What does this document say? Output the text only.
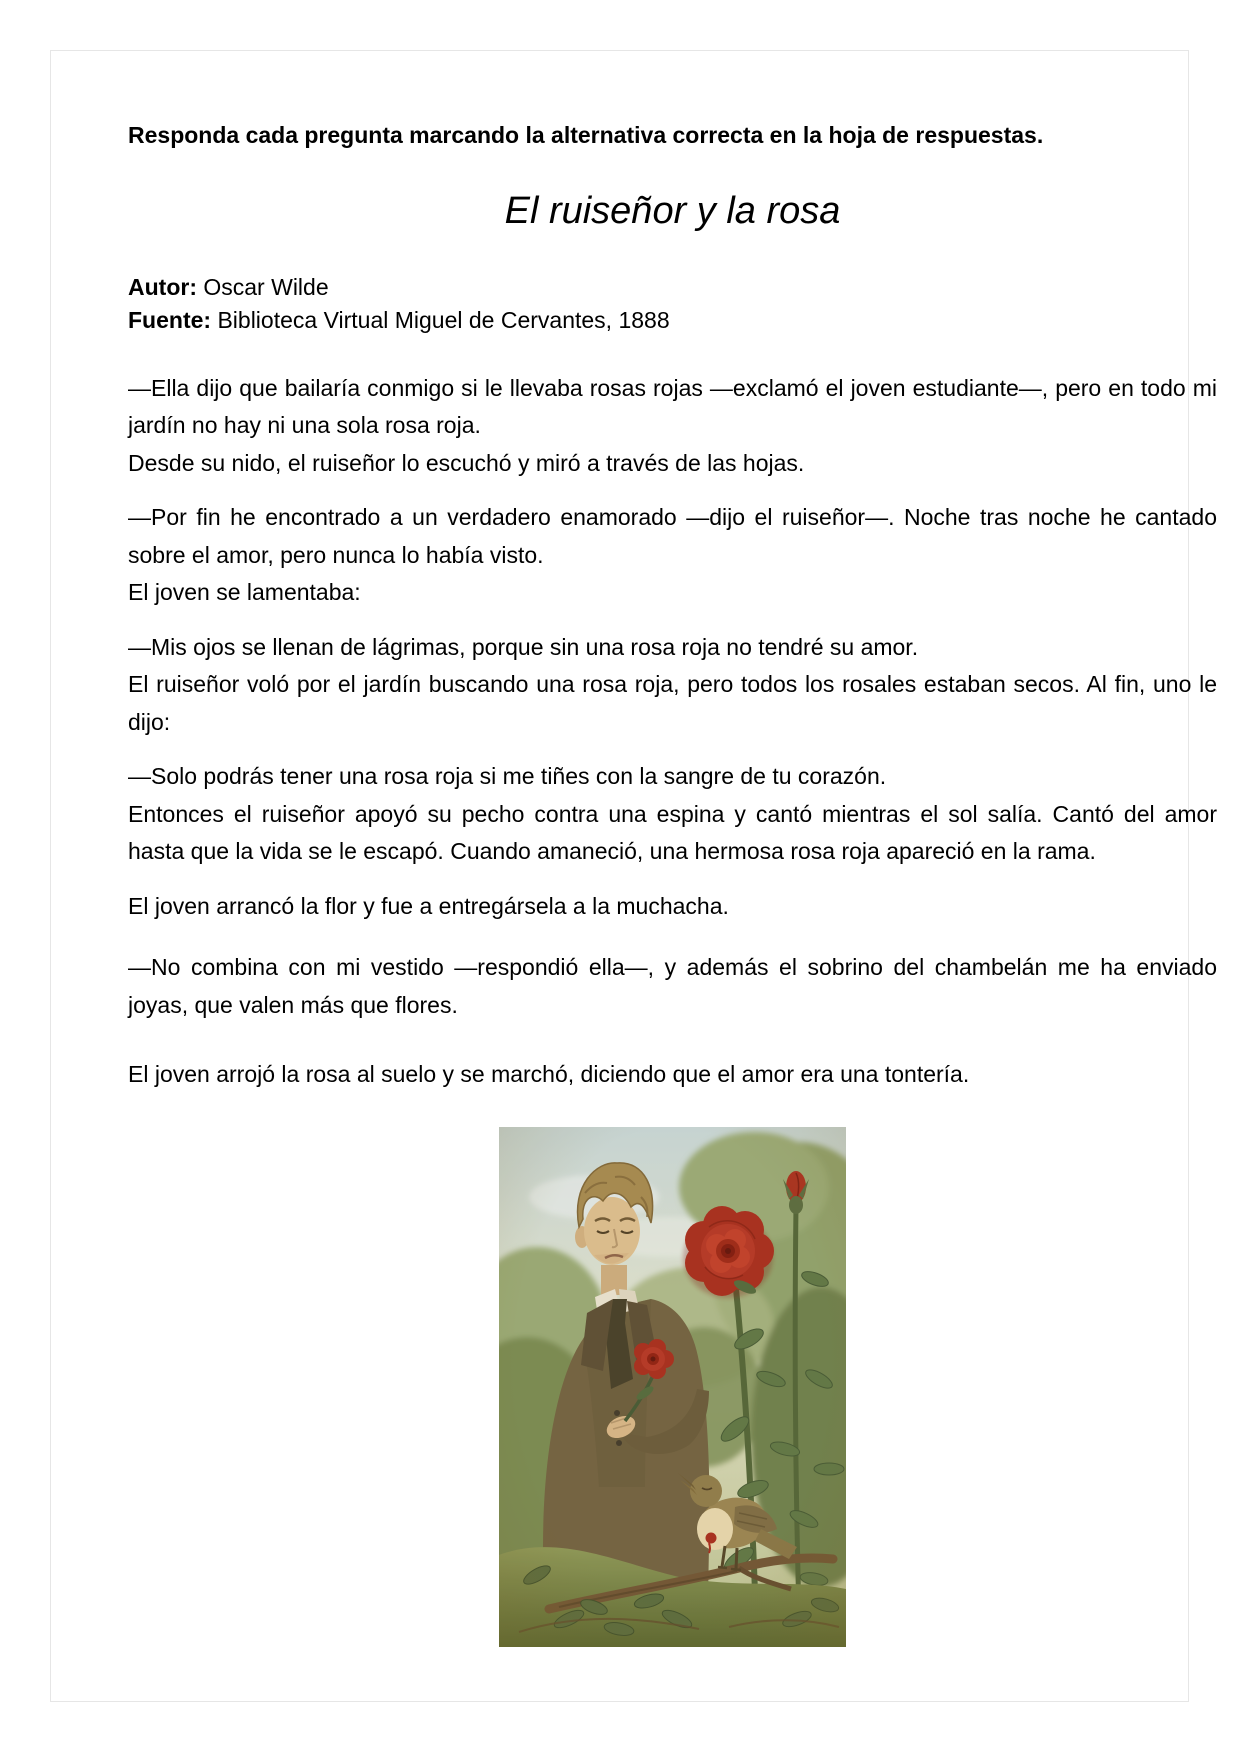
Responda cada pregunta marcando la alternativa correcta en la hoja de respuestas.

El ruiseñor y la rosa

Autor: Oscar Wilde

Fuente: Biblioteca Virtual Miguel de Cervantes, 1888

—Ella dijo que bailaría conmigo si le llevaba rosas rojas —exclamó el joven estudiante—, pero en todo mi jardín no hay ni una sola rosa roja.
Desde su nido, el ruiseñor lo escuchó y miró a través de las hojas.

—Por fin he encontrado a un verdadero enamorado —dijo el ruiseñor—. Noche tras noche he cantado sobre el amor, pero nunca lo había visto.
El joven se lamentaba:

—Mis ojos se llenan de lágrimas, porque sin una rosa roja no tendré su amor.
El ruiseñor voló por el jardín buscando una rosa roja, pero todos los rosales estaban secos. Al fin, uno le dijo:

—Solo podrás tener una rosa roja si me tiñes con la sangre de tu corazón.
Entonces el ruiseñor apoyó su pecho contra una espina y cantó mientras el sol salía. Cantó del amor hasta que la vida se le escapó. Cuando amaneció, una hermosa rosa roja apareció en la rama.

El joven arrancó la flor y fue a entregársela a la muchacha.

—No combina con mi vestido —respondió ella—, y además el sobrino del chambelán me ha enviado joyas, que valen más que flores.

El joven arrojó la rosa al suelo y se marchó, diciendo que el amor era una tontería.
